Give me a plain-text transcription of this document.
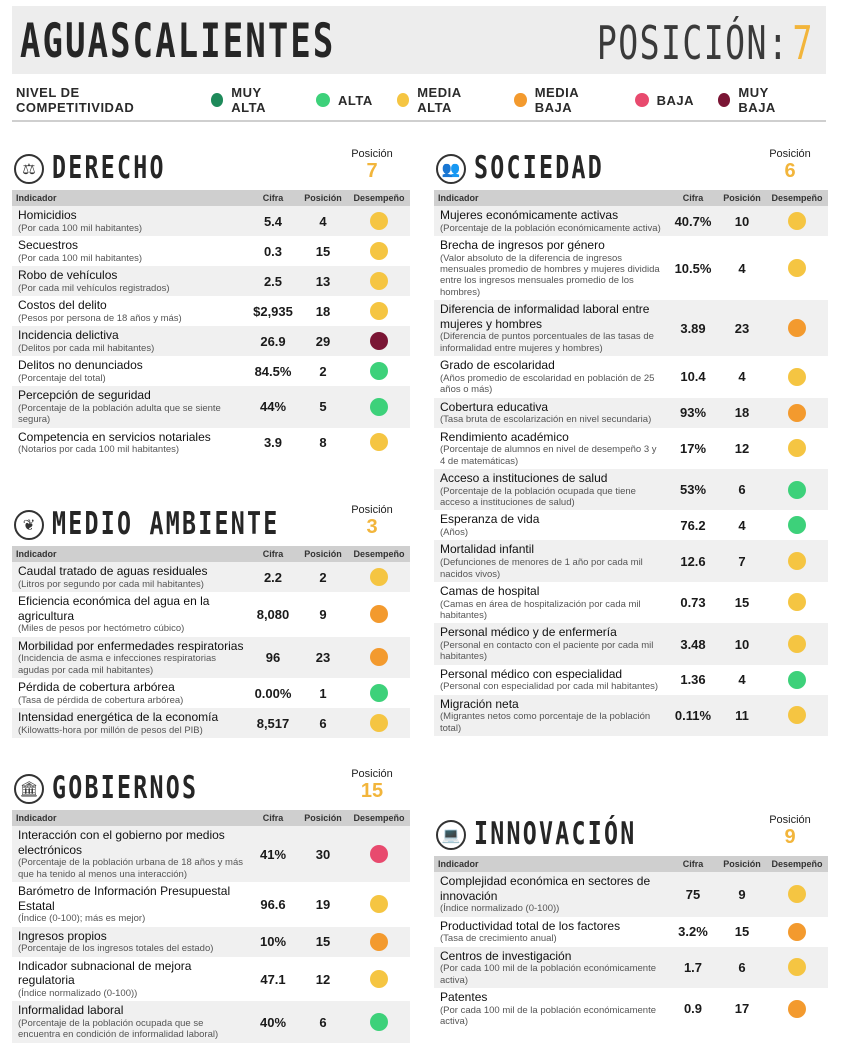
AGUASCALIENTES	POSICIÓN: 7
NIVEL DE COMPETITIVIDAD
MUY ALTA	ALTA	MEDIA ALTA
MEDIA BAJA	BAJA	MUY BAJA
⚖ DERECHO	Posición
7
Indicador	Cifra	Posición	Desempeño

Homicidios
(Por cada 100 mil habitantes)	5.4	4	

Secuestros
(Por cada 100 mil habitantes)	0.3	15	

Robo de vehículos
(Por cada mil vehículos registrados)	2.5	13	

Costos del delito
(Pesos por persona de 18 años y más)	$2,935	18	

Incidencia delictiva
(Delitos por cada mil habitantes)	26.9	29	

Delitos no denunciados
(Porcentaje del total)	84.5%	2	

Percepción de seguridad
(Porcentaje de la población adulta que se siente segura)	44%	5	

Competencia en servicios notariales
(Notarios por cada 100 mil habitantes)	3.9	8	
❦ MEDIO AMBIENTE	Posición
3
Indicador	Cifra	Posición	Desempeño

Caudal tratado de aguas residuales
(Litros por segundo por cada mil habitantes)	2.2	2	

Eficiencia económica del agua en la agricultura
(Miles de pesos por hectómetro cúbico)	8,080	9	

Morbilidad por enfermedades respiratorias
(Incidencia de asma e infecciones respiratorias agudas por cada mil habitantes)	96	23	

Pérdida de cobertura arbórea
(Tasa de pérdida de cobertura arbórea)	0.00%	1	

Intensidad energética de la economía
(Kilowatts-hora por millón de pesos del PIB)	8,517	6	
🏛 GOBIERNOS	Posición
15
Indicador	Cifra	Posición	Desempeño

Interacción con el gobierno por medios electrónicos
(Porcentaje de la población urbana de 18 años y más que ha tenido al menos una interacción)	41%	30	

Barómetro de Información Presupuestal Estatal
(Índice (0-100); más es mejor)	96.6	19	

Ingresos propios
(Porcentaje de los ingresos totales del estado)	10%	15	

Indicador subnacional de mejora regulatoria
(Índice normalizado (0-100))	47.1	12	

Informalidad laboral
(Porcentaje de la población ocupada que se encuentra en condición de informalidad laboral)	40%	6	
👥 SOCIEDAD	Posición
6
Indicador	Cifra	Posición	Desempeño

Mujeres económicamente activas
(Porcentaje de la población económicamente activa)	40.7%	10	

Brecha de ingresos por género
(Valor absoluto de la diferencia de ingresos mensuales promedio de hombres y mujeres dividida entre los ingresos mensuales promedio de los hombres)	10.5%	4	

Diferencia de informalidad laboral entre mujeres y hombres
(Diferencia de puntos porcentuales de las tasas de informalidad entre mujeres y hombres)	3.89	23	

Grado de escolaridad
(Años promedio de escolaridad en población de 25 años o más)	10.4	4	

Cobertura educativa
(Tasa bruta de escolarización en nivel secundaria)	93%	18	

Rendimiento académico
(Porcentaje de alumnos en nivel de desempeño 3 y 4 de matemáticas)	17%	12	

Acceso a instituciones de salud
(Porcentaje de la población ocupada que tiene acceso a instituciones de salud)	53%	6	

Esperanza de vida
(Años)	76.2	4	

Mortalidad infantil
(Defunciones de menores de 1 año por cada mil nacidos vivos)	12.6	7	

Camas de hospital
(Camas en área de hospitalización por cada mil habitantes)	0.73	15	

Personal médico y de enfermería
(Personal en contacto con el paciente por cada mil habitantes)	3.48	10	

Personal médico con especialidad
(Personal con especialidad por cada mil habitantes)	1.36	4	

Migración neta
(Migrantes netos como porcentaje de la población total)	0.11%	11	
💻 INNOVACIÓN	Posición
9
Indicador	Cifra	Posición	Desempeño

Complejidad económica en sectores de innovación
(Índice normalizado (0-100))	75	9	

Productividad total de los factores
(Tasa de crecimiento anual)	3.2%	15	

Centros de investigación
(Por cada 100 mil de la población económicamente activa)	1.7	6	

Patentes
(Por cada 100 mil de la población económicamente activa)	0.9	17	
